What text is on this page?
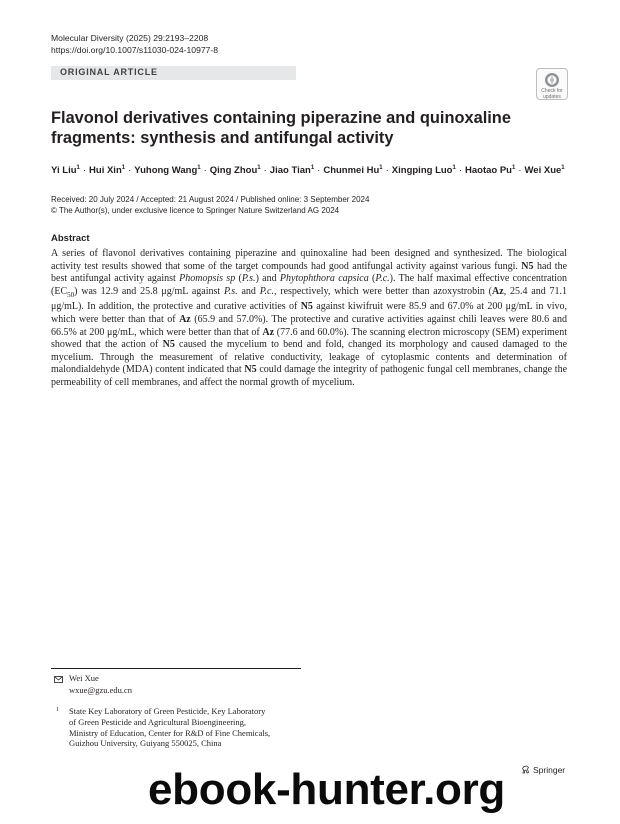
Molecular Diversity (2025) 29:2193–2208
https://doi.org/10.1007/s11030-024-10977-8
ORIGINAL ARTICLE
Check for
updates
Flavonol derivatives containing piperazine and quinoxaline fragments: synthesis and antifungal activity
Yi Liu$^1$ · Hui Xin$^1$ · Yuhong Wang$^1$ · Qing Zhou$^1$ · Jiao Tian$^1$ · Chunmei $Hu^1$ · Xingping Luo$^1$ · Haotao $Pu^1$ · Wei Xue$^1$
Received: 20 July 2024 / Accepted: 21 August 2024 / Published online: 3 September 2024
© The Author(s), under exclusive licence to Springer Nature Switzerland AG 2024
Abstract

A series of flavonol derivatives containing piperazine and quinoxaline had been designed and synthesized. The biological activity test results showed that some of the target compounds had good antifungal activity against various fungi. N5 had the best antifungal activity against Phomopsis sp (P.s.) and Phytophthora capsica (P.c.). The half maximal effective concentration $(EC_{50})$ was 12.9 and 25.8 μg/mL against P.s. and P.c., respectively, which were better than azoxystrobin (Az, 25.4 and 71.1 μg/mL). In addition, the protective and curative activities of N5 against kiwifruit were 85.9 and 67.0% at 200 μg/mL in vivo, which were better than that of Az (65.9 and 57.0%). The protective and curative activities against chili leaves were 80.6 and 66.5% at 200 μg/mL, which were better than that of Az (77.6 and 60.0%). The scanning electron microscopy (SEM) experiment showed that the action of N5 caused the mycelium to bend and fold, changed its morphology and caused damaged to the mycelium. Through the measurement of relative conductivity, leakage of cytoplasmic contents and determination of malondialdehyde (MDA) content indicated that N5 could damage the integrity of pathogenic fungal cell membranes, change the permeability of cell membranes, and affect the normal growth of mycelium.

Wei Xue
wxue@gzu.edu.cn
1 State Key Laboratory of Green Pesticide, Key Laboratory
of Green Pesticide and Agricultural Bioengineering,
Ministry of Education, Center for R&D of Fine Chemicals,
Guizhou University, Guiyang 550025, China
Springer
ebook-hunter.org
